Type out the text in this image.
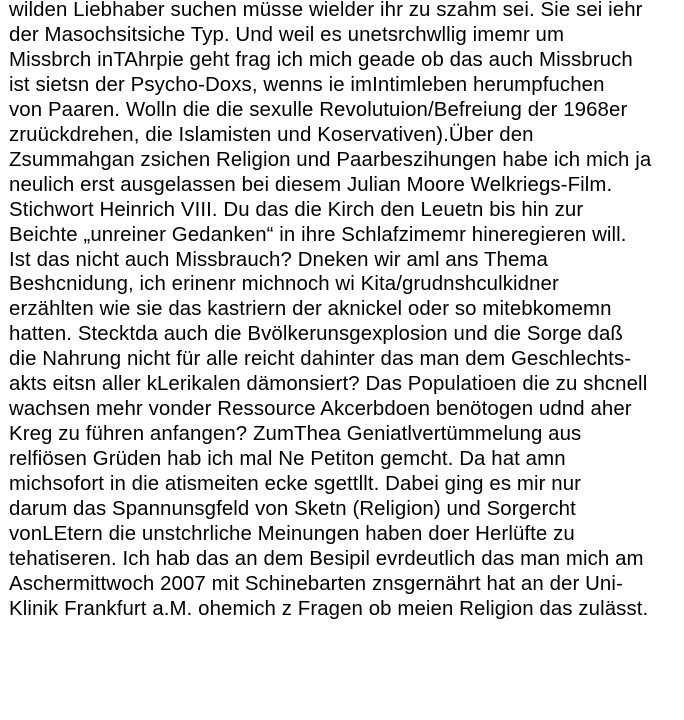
wilden Liebhaber suchen müsse wielder ihr zu szahm sei. Sie sei iehr
der Masochsitsiche Typ. Und weil es unetsrchwllig imemr um
Missbrch inTAhrpie geht frag ich mich geade ob das auch Missbruch
ist sietsn der Psycho-Doxs, wenns ie imIntimleben herumpfuchen
von Paaren. Wolln die die sexulle Revolutuion/Befreiung der 1968er
zruückdrehen, die Islamisten und Koservativen).Über den
Zsummahgan zsichen Religion und Paarbeszihungen habe ich mich ja
neulich erst ausgelassen bei diesem Julian Moore Welkriegs-Film.
Stichwort Heinrich VIII. Du das die Kirch den Leuetn bis hin zur
Beichte „unreiner Gedanken“ in ihre Schlafzimemr hineregieren will.
Ist das nicht auch Missbrauch? Dneken wir aml ans Thema
Beshcnidung, ich erinenr michnoch wi Kita/grudnshculkidner
erzählten wie sie das kastriern der aknickel oder so mitebkomemn
hatten. Stecktda auch die Bvölkerunsgexplosion und die Sorge daß
die Nahrung nicht für alle reicht dahinter das man dem Geschlechts-
akts eitsn aller kLerikalen dämonsiert? Das Populatioen die zu shcnell
wachsen mehr vonder Ressource Akcerbdoen benötogen udnd aher
Kreg zu führen anfangen? ZumThea Geniatlvertümmelung aus
relfiösen Grüden hab ich mal Ne Petiton gemcht. Da hat amn
michsofort in die atismeiten ecke sgettllt. Dabei ging es mir nur
darum das Spannunsgfeld von Sketn (Religion) und Sorgercht
vonLEtern die unstchrliche Meinungen haben doer Herlüfte zu
tehatiseren. Ich hab das an dem Besipil evrdeutlich das man mich am
Aschermittwoch 2007 mit Schinebarten znsgernährt hat an der Uni-
Klinik Frankfurt a.M. ohemich z Fragen ob meien Religion das zulässt.
